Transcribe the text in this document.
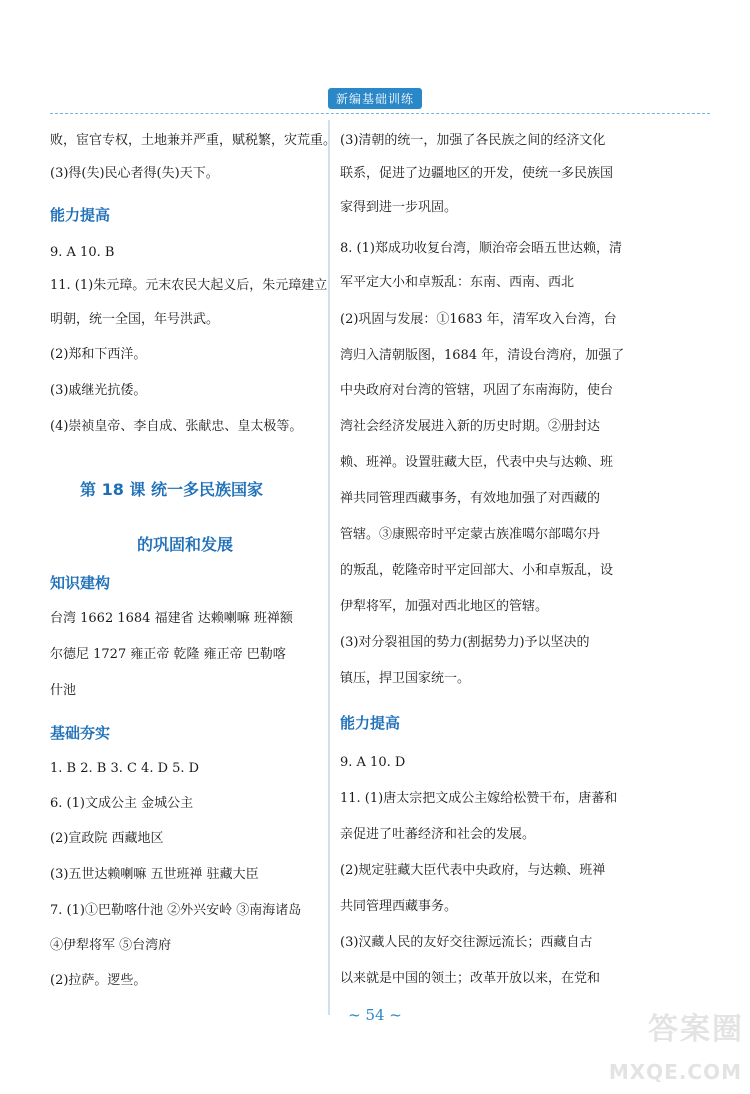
新编基础训练
败，宦官专权，土地兼并严重，赋税繁，灾荒重。
(3)得(失)民心者得(失)天下。
能力提高
9. A 10. B
11. (1)朱元璋。元末农民大起义后，朱元璋建立
明朝，统一全国，年号洪武。
(2)郑和下西洋。
(3)戚继光抗倭。
(4)崇祯皇帝、李自成、张献忠、皇太极等。
第 18 课 统一多民族国家
的巩固和发展
知识建构
台湾 1662 1684 福建省 达赖喇嘛 班禅额
尔德尼 1727 雍正帝 乾隆 雍正帝 巴勒喀
什池
基础夯实
1. B 2. B 3. C 4. D 5. D
6. (1)文成公主 金城公主
(2)宣政院 西藏地区
(3)五世达赖喇嘛 五世班禅 驻藏大臣
7. (1)①巴勒喀什池 ②外兴安岭 ③南海诸岛
④伊犁将军 ⑤台湾府
(2)拉萨。逻些。
(3)清朝的统一，加强了各民族之间的经济文化
联系，促进了边疆地区的开发，使统一多民族国
家得到进一步巩固。
8. (1)郑成功收复台湾，顺治帝会晤五世达赖，清
军平定大小和卓叛乱：东南、西南、西北
(2)巩固与发展：①1683 年，清军攻入台湾，台
湾归入清朝版图，1684 年，清设台湾府，加强了
中央政府对台湾的管辖，巩固了东南海防，使台
湾社会经济发展进入新的历史时期。②册封达
赖、班禅。设置驻藏大臣，代表中央与达赖、班
禅共同管理西藏事务，有效地加强了对西藏的
管辖。③康熙帝时平定蒙古族准噶尔部噶尔丹
的叛乱，乾隆帝时平定回部大、小和卓叛乱，设
伊犁将军，加强对西北地区的管辖。
(3)对分裂祖国的势力(割据势力)予以坚决的
镇压，捍卫国家统一。
能力提高
9. A 10. D
11. (1)唐太宗把文成公主嫁给松赞干布，唐蕃和
亲促进了吐蕃经济和社会的发展。
(2)规定驻藏大臣代表中央政府，与达赖、班禅
共同管理西藏事务。
(3)汉藏人民的友好交往源远流长；西藏自古
以来就是中国的领土；改革开放以来，在党和
~ 54 ~	答案圈
MXQE.COM
